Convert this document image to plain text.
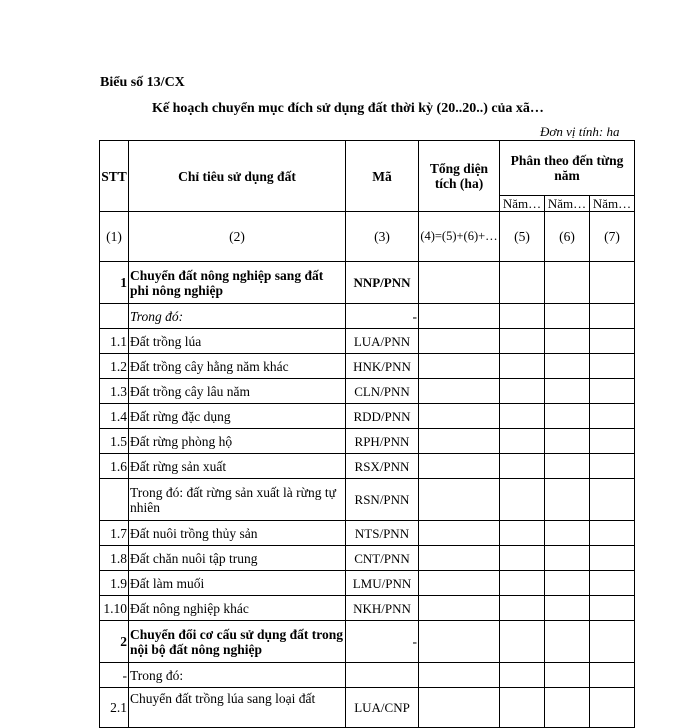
Biểu số 13/CX
Kế hoạch chuyển mục đích sử dụng đất thời kỳ (20..20..) của xã…
Đơn vị tính: ha
STT	Chỉ tiêu sử dụng đất	Mã	Tổng diện tích (ha)	Phân theo đến từng năm		
				Năm…	Năm…	Năm…
(1)	(2)	(3)	(4)=(5)+(6)+…	(5)	(6)	(7)
1	Chuyển đất nông nghiệp sang đất phi nông nghiệp	NNP/PNN				
	Trong đó:	-				
1.1	Đất trồng lúa	LUA/PNN				
1.2	Đất trồng cây hằng năm khác	HNK/PNN				
1.3	Đất trồng cây lâu năm	CLN/PNN				
1.4	Đất rừng đặc dụng	RDD/PNN				
1.5	Đất rừng phòng hộ	RPH/PNN				
1.6	Đất rừng sản xuất	RSX/PNN				
	Trong đó: đất rừng sản xuất là rừng tự nhiên	RSN/PNN				
1.7	Đất nuôi trồng thủy sản	NTS/PNN				
1.8	Đất chăn nuôi tập trung	CNT/PNN				
1.9	Đất làm muối	LMU/PNN				
1.10	Đất nông nghiệp khác	NKH/PNN				
2	Chuyển đổi cơ cấu sử dụng đất trong nội bộ đất nông nghiệp	-				
-	Trong đó:					
2.1	Chuyển đất trồng lúa sang loại đất	LUA/CNP				
